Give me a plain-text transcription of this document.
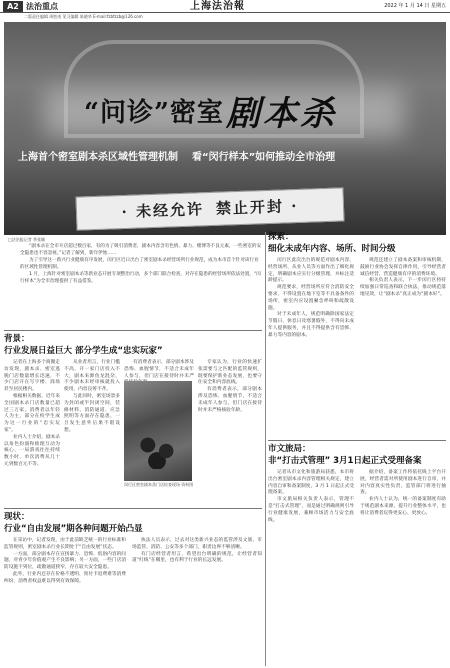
A2 法治重点	上海法治報	2022 年 1 月 14 日 星期五
二版责任编辑 周胜南 见习编辑 陈晓华 E-mail:fzbfzzb@126.com
“问诊”密室 剧本杀
上海首个密室剧本杀区域性管理机制 看“闵行样本”如何推动全市治理
· 未经允许 禁止开封 ·
□法治报记者 季张颖

“剧本杀在全市开店超过数百家，有的为了吸引消费者，剧本内容含有色情、暴力、赌博等不良元素，一些密室的安全隐患也不容忽视。”记者了解到，新年伊始……

为了引导这一新兴行业健康有序发展，闵行区近日出台了密室剧本杀经营场所行业规范，成为本市首个针对该行业的区域性管理机制。

1 月，上海针对密室剧本杀等新业态开展专项整治行动，多个部门联合检查，对存在隐患的经营场所依法处置，“闵行样本”为全市治理提供了有益借鉴。

探索：
细化未成年内容、场所、时间分级

闵行区此次出台的规范对剧本内容、经营场所、从业人员等方面作出了细化规定，明确剧本应实行分级管理，并标注适龄提示。

规范要求，经营场所应符合消防安全要求，不得设置在地下室等不具备条件的场所，密室内应设置紧急呼叫和疏散设施。

对于未成年人，规范明确除国家法定节假日、休息日及寒暑假外，不得向未成年人提供服务，并且不得提供含有恐怖、暴力等内容的剧本。

规范还建立了剧本备案和审核机制，鼓励行业协会发挥自律作用，引导经营者诚信经营，营造健康有序的消费环境。

相关负责人表示，下一步闵行区将持续加强日常巡查和联合执法，推动规范落地见效，让“剧本杀”真正成为“剧本好”。

背景：
行业发展日益巨大 部分学生成“忠实玩家”

记者在上海多个商圈走访发现，剧本杀、密室逃脱门店数量增长迅速，不少门店开在写字楼、商场甚至居民楼内。

根据相关数据，近年来全国剧本杀门店数量已超过三万家，消费者以年轻人为主，部分在校学生成为这一行业的“忠实玩家”。

业内人士介绍，剧本杀以角色扮演和推理互动为核心，一局游戏往往持续数小时，单次消费从几十元到数百元不等。

从业者坦言，行业门槛不高，开一家门店投入不大，剧本来源鱼龙混杂，不少剧本未经审核就投入使用，内容良莠不齐。

与此同时，密室场景多为封闭或半封闭空间，装修材料、消防通道、应急照明等方面存在隐患，一旦发生意外后果不堪设想。

有消费者表示，部分剧本涉及恐怖、血腥情节，不适合未成年人参与，但门店在接待时并未严

闵行区密室剧本杀门店检查现场 资料图

专家认为，行业的快速扩张需要与之匹配的监管规则，既要保护新业态发展，也要守住安全和内容底线。

有消费者表示，部分剧本涉及恐怖、血腥情节，不适合未成年人参与，但门店在接待时并未严格核验年龄。

现状：
行业“自由发展”期各种问题开始凸显

在采访中，记者发现，由于此前缺乏统一的行业标准和监管规则，密室剧本杀行业长期处于“自由发展”状态。

一方面，部分剧本存在宣扬暴力、恐怖、低俗内容的问题，对青少年价值观产生不良影响；另一方面，一些门店消防设施不到位，疏散通道狭窄，存在较大安全隐患。

此外，行业内还存在价格不透明、预付卡退费难等消费纠纷，消费者权益难以得到有效保障。

执法人员表示，过去对这类新兴业态的监管涉及文旅、市场监管、消防、公安等多个部门，职责边界不够清晰。

有门店经营者坦言，希望出台明确的规范，让经营者知道“红线”在哪里，也有利于行业的长远发展。

市文旅局：
非“打击式管理” 3月1日起正式受理备案

记者从市文化和旅游局获悉，本市将出台密室剧本杀内容管理相关规定，建立内容自审和备案制度，3 月 1 日起正式受理备案。

市文旅局相关负责人表示，管理不是“打击式管理”，而是通过明确规则引导行业健康发展，兼顾市场活力与安全底线。

据介绍，备案工作将依托线上平台开展，经营者需对所使用剧本进行自审，并对内容真实性负责，监管部门将进行抽查。

业内人士认为，统一的备案制度有助于规范剧本来源，提升行业整体水平，也将让消费者玩得更安心、更放心。
